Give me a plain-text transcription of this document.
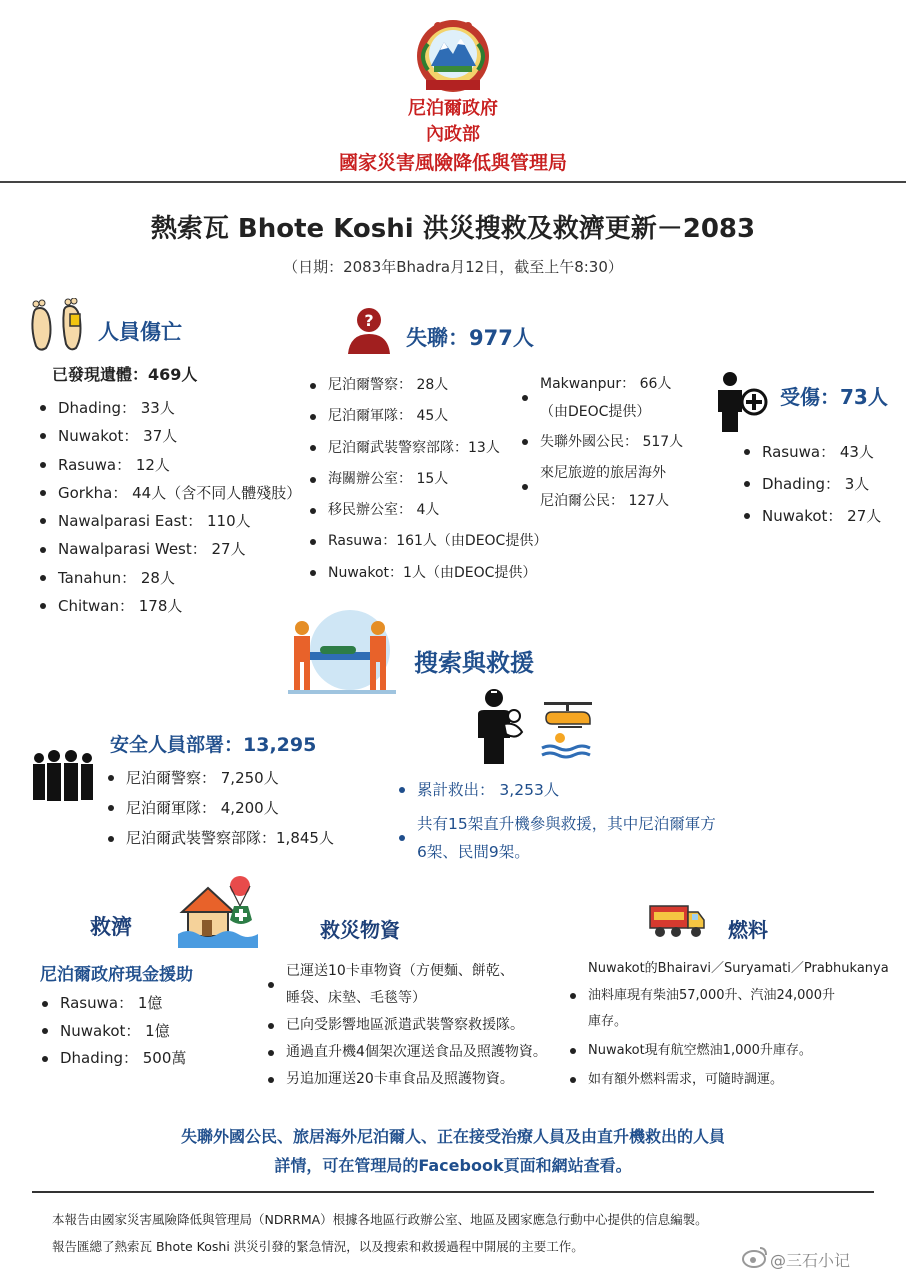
尼泊爾政府
內政部
國家災害風險降低與管理局
熱索瓦 Bhote Koshi 洪災搜救及救濟更新－2083
（日期：2083年Bhadra月12日，截至上午8:30）
人員傷亡
已發現遺體：469人
Dhading： 33人
Nuwakot： 37人
Rasuwa： 12人
Gorkha： 44人（含不同人體殘肢）
Nawalparasi East： 110人
Nawalparasi West： 27人
Tanahun： 28人
Chitwan： 178人
?
失聯：977人
尼泊爾警察： 28人
尼泊爾軍隊： 45人
尼泊爾武裝警察部隊：13人
海關辦公室： 15人
移民辦公室： 4人
Rasuwa：161人（由DEOC提供）
Nuwakot：1人（由DEOC提供）
Makwanpur： 66人
（由DEOC提供）
失聯外國公民： 517人
來尼旅遊的旅居海外
尼泊爾公民： 127人
受傷：73人
Rasuwa： 43人
Dhading： 3人
Nuwakot： 27人
搜索與救援
安全人員部署：13,295
尼泊爾警察： 7,250人
尼泊爾軍隊： 4,200人
尼泊爾武裝警察部隊：1,845人
累計救出： 3,253人
共有15架直升機參與救援，其中尼泊爾軍方
6架、民間9架。
救濟
尼泊爾政府現金援助
Rasuwa： 1億
Nuwakot： 1億
Dhading： 500萬
救災物資
已運送10卡車物資（方便麵、餅乾、
睡袋、床墊、毛毯等）
已向受影響地區派遣武裝警察救援隊。
通過直升機4個架次運送食品及照護物資。
另追加運送20卡車食品及照護物資。
燃料
Nuwakot的Bhairavi／Suryamati／Prabhukanya
油料庫現有柴油57,000升、汽油24,000升
庫存。
Nuwakot現有航空燃油1,000升庫存。
如有額外燃料需求，可隨時調運。
失聯外國公民、旅居海外尼泊爾人、正在接受治療人員及由直升機救出的人員
詳情，可在管理局的Facebook頁面和網站查看。
本報告由國家災害風險降低與管理局（NDRRMA）根據各地區行政辦公室、地區及國家應急行動中心提供的信息編製。
報告匯總了熱索瓦 Bhote Koshi 洪災引發的緊急情況，以及搜索和救援過程中開展的主要工作。
@三石小记
